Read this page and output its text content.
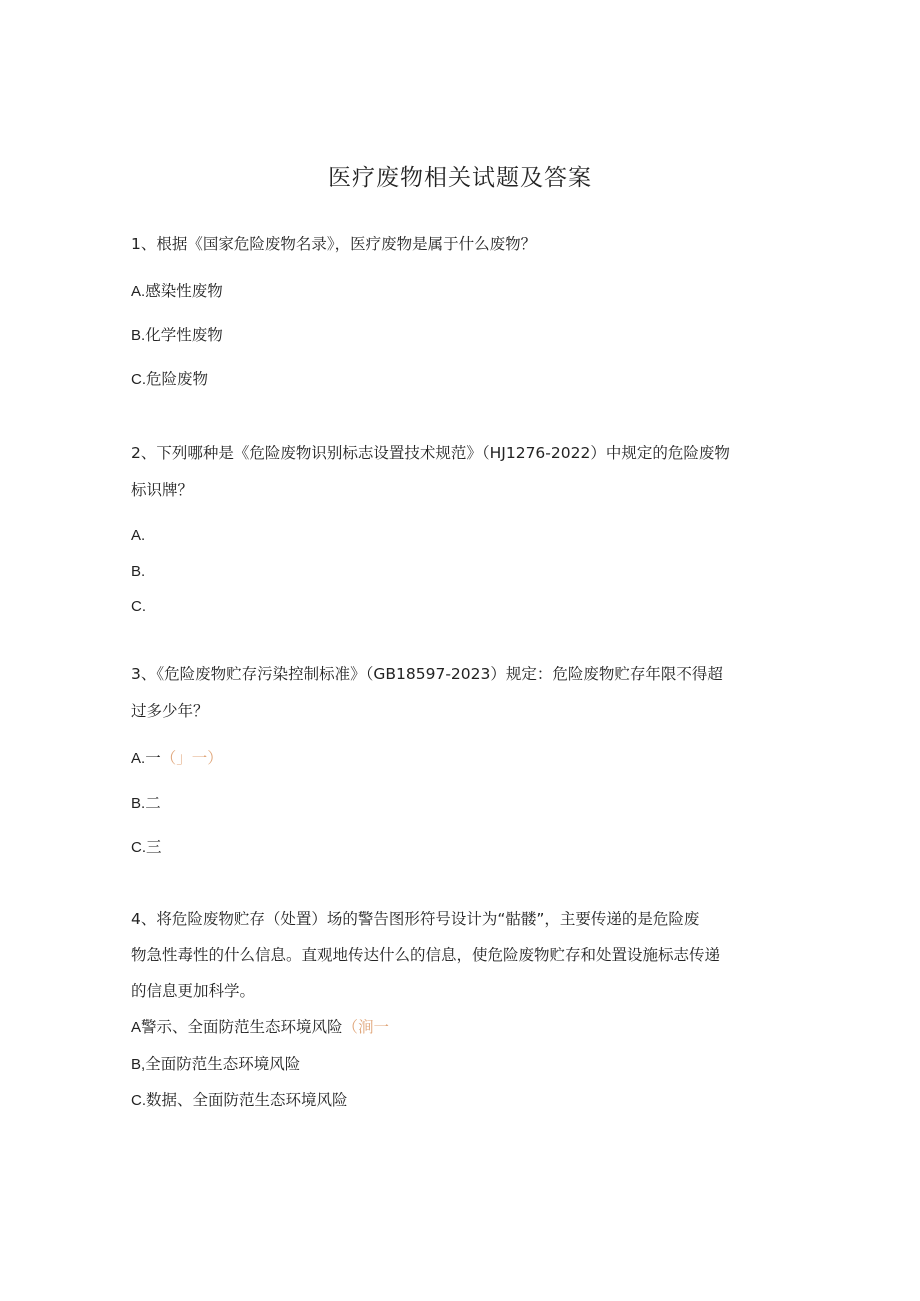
医疗废物相关试题及答案
1、根据《国家危险废物名录》，医疗废物是属于什么废物？
A.感染性废物
B.化学性废物
C.危险废物
2、下列哪种是《危险废物识别标志设置技术规范》（HJ1276-2022）中规定的危险废物
标识牌？
A.
B.
C.
3、《危险废物贮存污染控制标准》（GB18597-2023）规定：危险废物贮存年限不得超
过多少年？
A.一（」一）
B.二
C.三
4、将危险废物贮存（处置）场的警告图形符号设计为“骷髅”，主要传递的是危险废
物急性毒性的什么信息。直观地传达什么的信息，使危险废物贮存和处置设施标志传递
的信息更加科学。
A警示、全面防范生态环境风险（涧一
B,全面防范生态环境风险
C.数据、全面防范生态环境风险
